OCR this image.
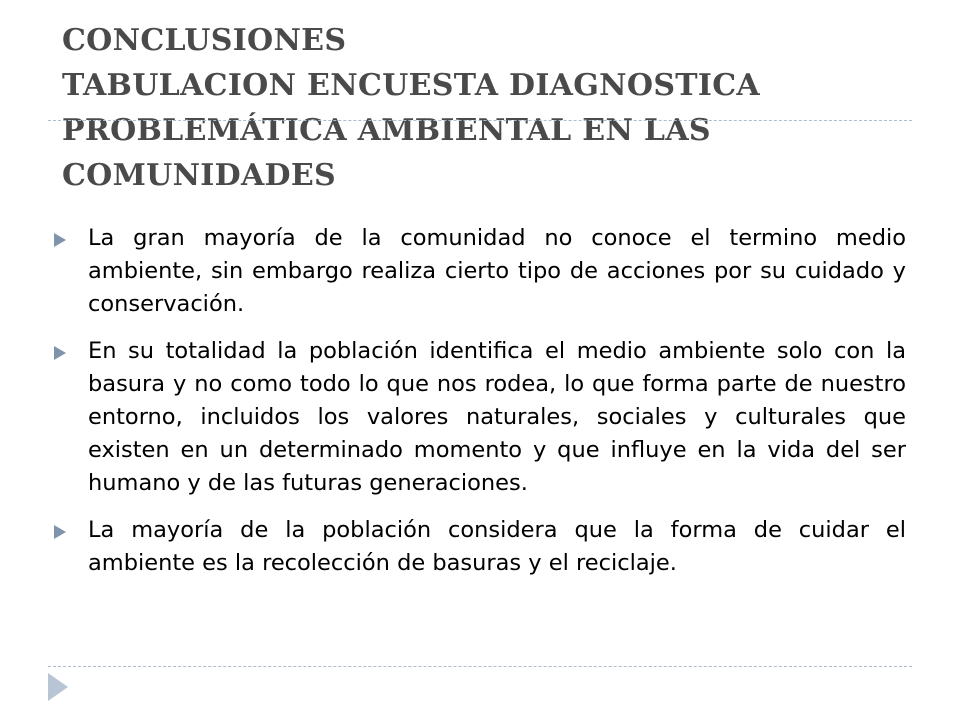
CONCLUSIONES
TABULACION ENCUESTA DIAGNOSTICA
PROBLEMÁTICA AMBIENTAL EN LAS
COMUNIDADES
La gran mayoría de la comunidad no conoce el termino medio ambiente, sin embargo realiza cierto tipo de acciones por su cuidado y conservación.
En su totalidad la población identifica el medio ambiente solo con la basura y no como todo lo que nos rodea, lo que forma parte de nuestro entorno, incluidos los valores naturales, sociales y culturales que existen en un determinado momento y que influye en la vida del ser humano y de las futuras generaciones.
La mayoría de la población considera que la forma de cuidar el ambiente es la recolección de basuras y el reciclaje.
